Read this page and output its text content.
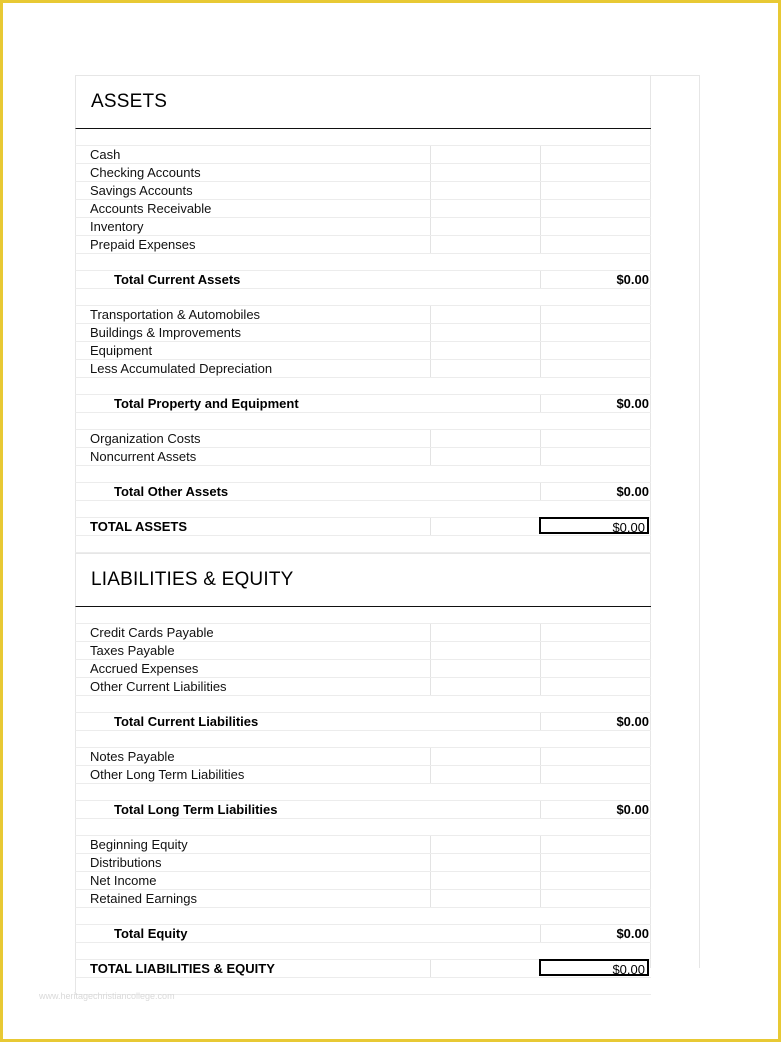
ASSETS
Cash
Checking Accounts
Savings Accounts
Accounts Receivable
Inventory
Prepaid Expenses
Total Current Assets	$0.00
Transportation & Automobiles
Buildings & Improvements
Equipment
Less Accumulated Depreciation
Total Property and Equipment	$0.00
Organization Costs
Noncurrent Assets
Total Other Assets	$0.00
TOTAL ASSETS	$0.00
LIABILITIES & EQUITY
Credit Cards Payable
Taxes Payable
Accrued Expenses
Other Current Liabilities
Total Current Liabilities	$0.00
Notes Payable
Other Long Term Liabilities
Total Long Term Liabilities	$0.00
Beginning Equity
Distributions
Net Income
Retained Earnings
Total Equity	$0.00
TOTAL LIABILITIES & EQUITY	$0.00
www.heritagechristiancollege.com
